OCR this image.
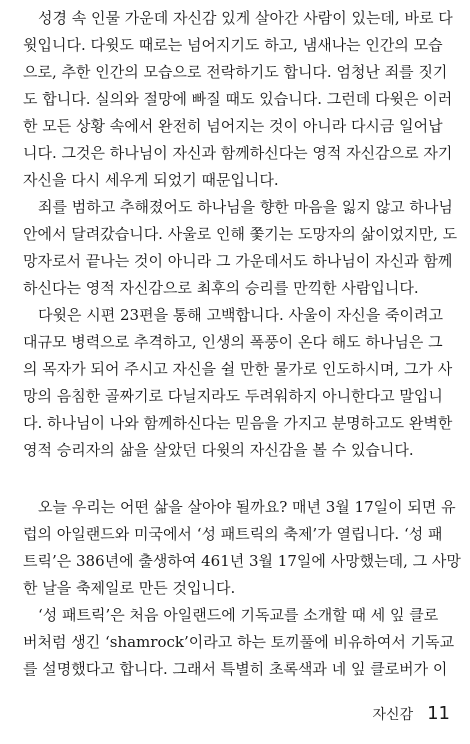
성경 속 인물 가운데 자신감 있게 살아간 사람이 있는데, 바로 다
윗입니다. 다윗도 때로는 넘어지기도 하고, 냄새나는 인간의 모습
으로, 추한 인간의 모습으로 전락하기도 합니다. 엄청난 죄를 짓기
도 합니다. 실의와 절망에 빠질 때도 있습니다. 그런데 다윗은 이러
한 모든 상황 속에서 완전히 넘어지는 것이 아니라 다시금 일어납
니다. 그것은 하나님이 자신과 함께하신다는 영적 자신감으로 자기
자신을 다시 세우게 되었기 때문입니다.
죄를 범하고 추해졌어도 하나님을 향한 마음을 잃지 않고 하나님
안에서 달려갔습니다. 사울로 인해 쫓기는 도망자의 삶이었지만, 도
망자로서 끝나는 것이 아니라 그 가운데서도 하나님이 자신과 함께
하신다는 영적 자신감으로 최후의 승리를 만끽한 사람입니다.
다윗은 시편 23편을 통해 고백합니다. 사울이 자신을 죽이려고
대규모 병력으로 추격하고, 인생의 폭풍이 온다 해도 하나님은 그
의 목자가 되어 주시고 자신을 쉴 만한 물가로 인도하시며, 그가 사
망의 음침한 골짜기로 다닐지라도 두려워하지 아니한다고 말입니
다. 하나님이 나와 함께하신다는 믿음을 가지고 분명하고도 완벽한
영적 승리자의 삶을 살았던 다윗의 자신감을 볼 수 있습니다.
오늘 우리는 어떤 삶을 살아야 될까요? 매년 3월 17일이 되면 유
럽의 아일랜드와 미국에서 ‘성 패트릭의 축제’가 열립니다. ‘성 패
트릭’은 386년에 출생하여 461년 3월 17일에 사망했는데, 그 사망
한 날을 축제일로 만든 것입니다.
‘성 패트릭’은 처음 아일랜드에 기독교를 소개할 때 세 잎 클로
버처럼 생긴 ‘shamrock’이라고 하는 토끼풀에 비유하여서 기독교
를 설명했다고 합니다. 그래서 특별히 초록색과 네 잎 클로버가 이
자신감 11
